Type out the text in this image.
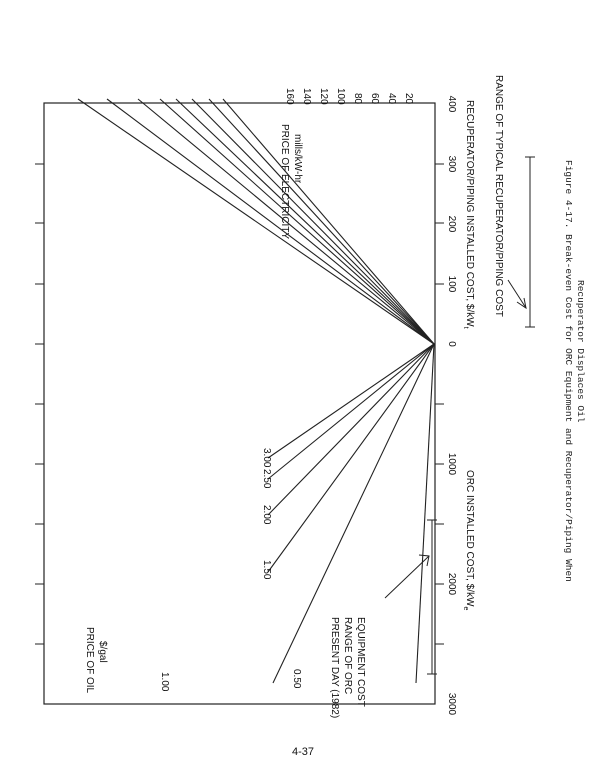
3.00
2.50
2.00
1.50
1.00	0.50
160 140 120 100 80 60 40 20
0
1000
2000
3000
100
200
300
400
ORC INSTALLED COST, $\$/kW_e$
RECUPERATOR/PIPING INSTALLED COST, $\$/kW_t$
PRICE OF OIL $/gal
PRICE OF ELECTRICITY mills/kW-hr
PRESENT DAY (1982) RANGE OF ORC EQUIPMENT COST
RANGE OF TYPICAL RECUPERATOR/PIPING COST	Figure 4-17. Break-even Cost for ORC Equipment and Recuperator/Piping When Recuperator Displaces Oil
4-37
